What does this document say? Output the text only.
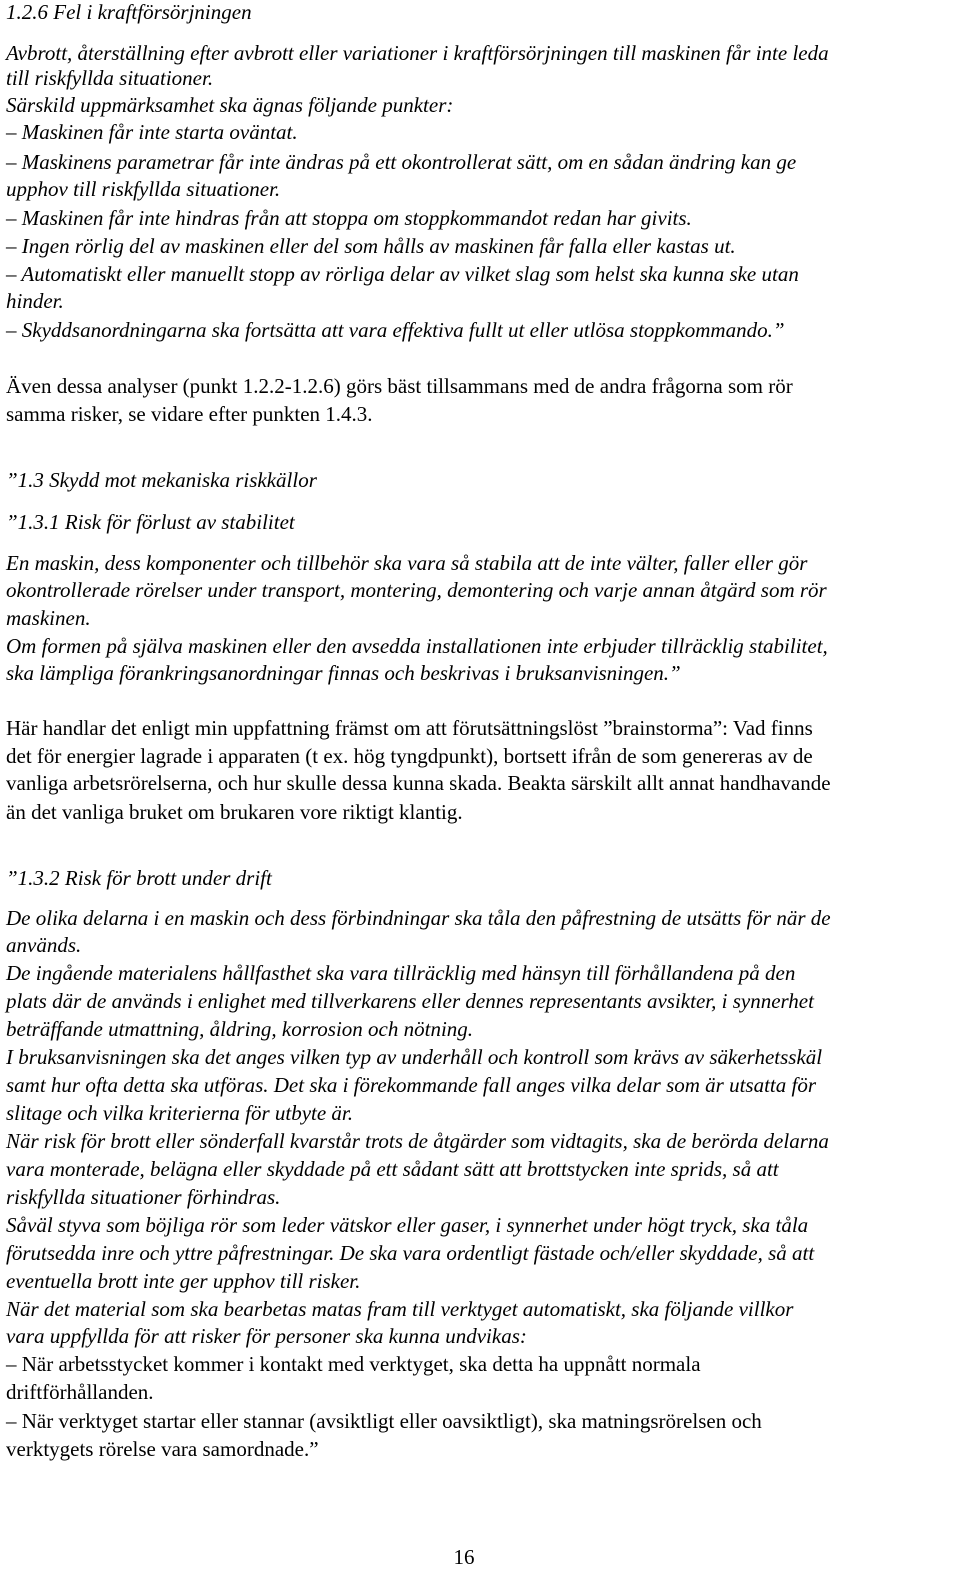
1.2.6 Fel i kraftförsörjningen
Avbrott, återställning efter avbrott eller variationer i kraftförsörjningen till maskinen får inte leda
till riskfyllda situationer.
Särskild uppmärksamhet ska ägnas följande punkter:
– Maskinen får inte starta oväntat.
– Maskinens parametrar får inte ändras på ett okontrollerat sätt, om en sådan ändring kan ge
upphov till riskfyllda situationer.
– Maskinen får inte hindras från att stoppa om stoppkommandot redan har givits.
– Ingen rörlig del av maskinen eller del som hålls av maskinen får falla eller kastas ut.
– Automatiskt eller manuellt stopp av rörliga delar av vilket slag som helst ska kunna ske utan
hinder.
– Skyddsanordningarna ska fortsätta att vara effektiva fullt ut eller utlösa stoppkommando.”
Även dessa analyser (punkt 1.2.2-1.2.6) görs bäst tillsammans med de andra frågorna som rör
samma risker, se vidare efter punkten 1.4.3.
”1.3 Skydd mot mekaniska riskkällor
”1.3.1 Risk för förlust av stabilitet
En maskin, dess komponenter och tillbehör ska vara så stabila att de inte välter, faller eller gör
okontrollerade rörelser under transport, montering, demontering och varje annan åtgärd som rör
maskinen.
Om formen på själva maskinen eller den avsedda installationen inte erbjuder tillräcklig stabilitet,
ska lämpliga förankringsanordningar finnas och beskrivas i bruksanvisningen.”
Här handlar det enligt min uppfattning främst om att förutsättningslöst ”brainstorma”: Vad finns
det för energier lagrade i apparaten (t ex. hög tyngdpunkt), bortsett ifrån de som genereras av de
vanliga arbetsrörelserna, och hur skulle dessa kunna skada. Beakta särskilt allt annat handhavande
än det vanliga bruket om brukaren vore riktigt klantig.
”1.3.2 Risk för brott under drift
De olika delarna i en maskin och dess förbindningar ska tåla den påfrestning de utsätts för när de
används.
De ingående materialens hållfasthet ska vara tillräcklig med hänsyn till förhållandena på den
plats där de används i enlighet med tillverkarens eller dennes representants avsikter, i synnerhet
beträffande utmattning, åldring, korrosion och nötning.
I bruksanvisningen ska det anges vilken typ av underhåll och kontroll som krävs av säkerhetsskäl
samt hur ofta detta ska utföras. Det ska i förekommande fall anges vilka delar som är utsatta för
slitage och vilka kriterierna för utbyte är.
När risk för brott eller sönderfall kvarstår trots de åtgärder som vidtagits, ska de berörda delarna
vara monterade, belägna eller skyddade på ett sådant sätt att brottstycken inte sprids, så att
riskfyllda situationer förhindras.
Såväl styva som böjliga rör som leder vätskor eller gaser, i synnerhet under högt tryck, ska tåla
förutsedda inre och yttre påfrestningar. De ska vara ordentligt fästade och/eller skyddade, så att
eventuella brott inte ger upphov till risker.
När det material som ska bearbetas matas fram till verktyget automatiskt, ska följande villkor
vara uppfyllda för att risker för personer ska kunna undvikas:
– När arbetsstycket kommer i kontakt med verktyget, ska detta ha uppnått normala
driftförhållanden.
– När verktyget startar eller stannar (avsiktligt eller oavsiktligt), ska matningsrörelsen och
verktygets rörelse vara samordnade.”
16
